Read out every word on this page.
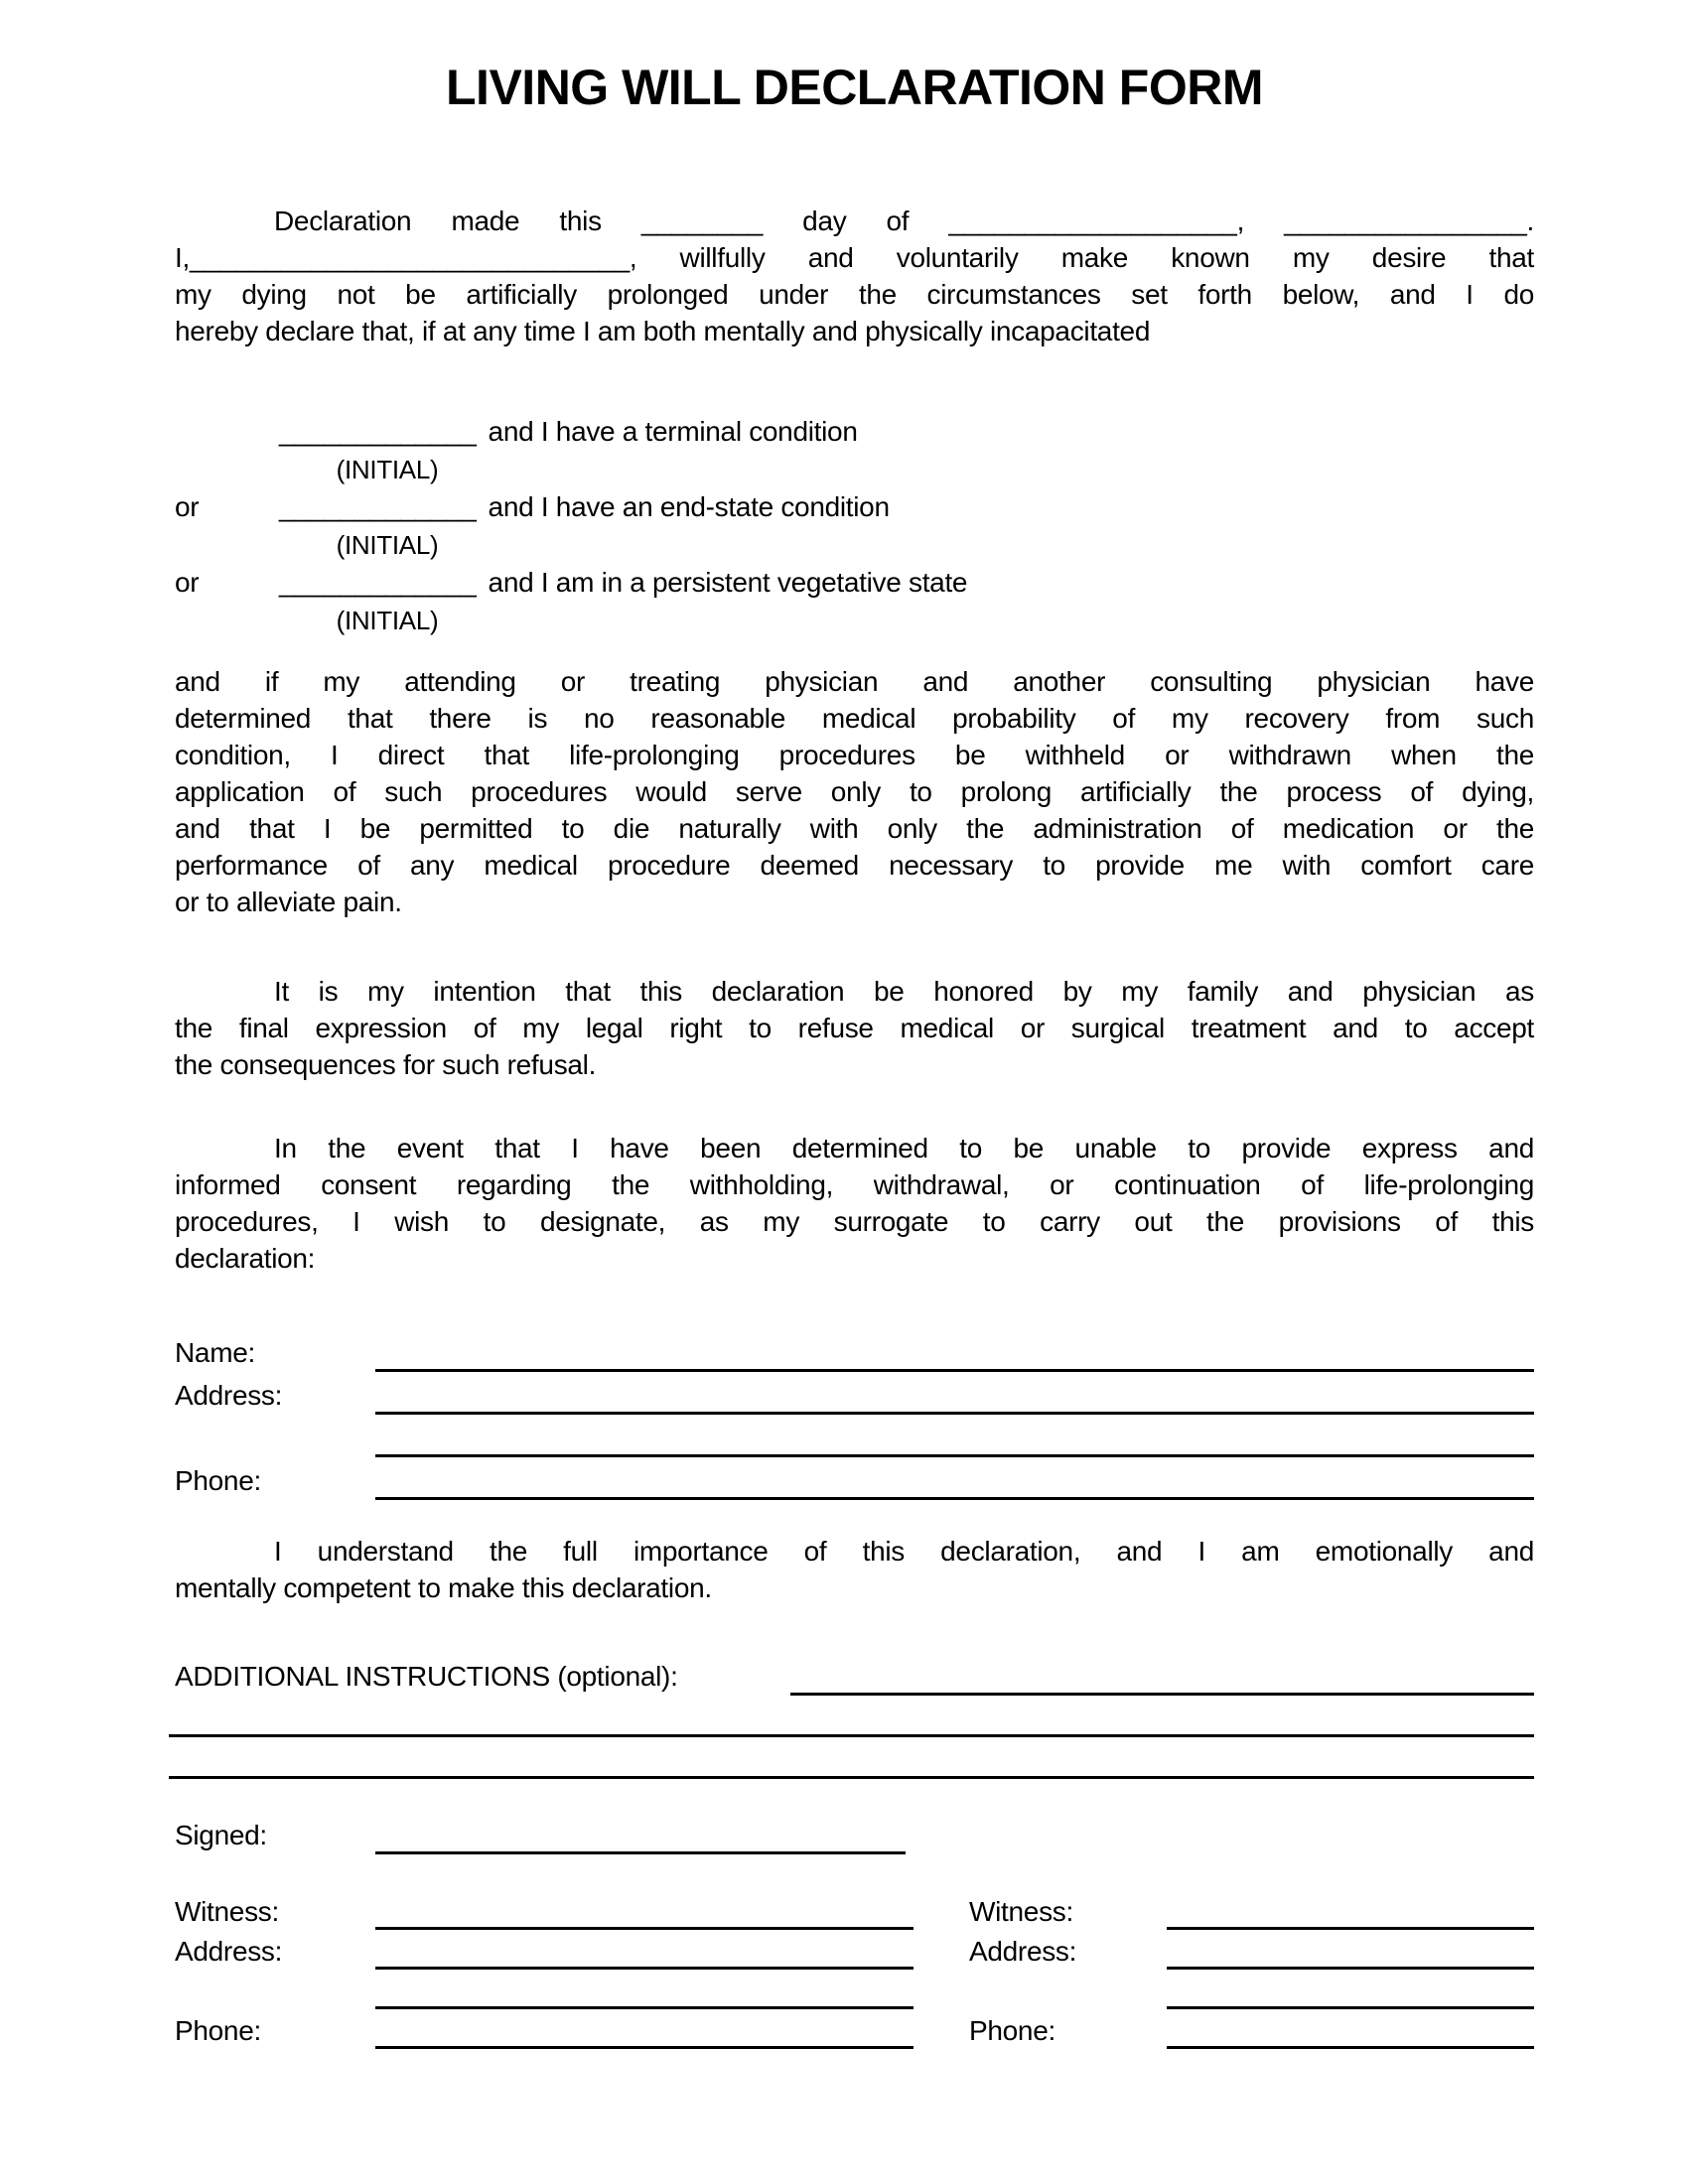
LIVING WILL DECLARATION FORM
Declaration made this ________ day of ___________________, ________________.
I,_____________________________, willfully and voluntarily make known my desire that
my dying not be artificially prolonged under the circumstances set forth below, and I do
hereby declare that, if at any time I am both mentally and physically incapacitated
_____________ and I have a terminal condition
(INITIAL)
or	_____________ and I have an end-state condition
(INITIAL)
or	_____________ and I am in a persistent vegetative state
(INITIAL)
and if my attending or treating physician and another consulting physician have
determined that there is no reasonable medical probability of my recovery from such
condition, I direct that life-prolonging procedures be withheld or withdrawn when the
application of such procedures would serve only to prolong artificially the process of dying,
and that I be permitted to die naturally with only the administration of medication or the
performance of any medical procedure deemed necessary to provide me with comfort care
or to alleviate pain.
It is my intention that this declaration be honored by my family and physician as
the final expression of my legal right to refuse medical or surgical treatment and to accept
the consequences for such refusal.
In the event that I have been determined to be unable to provide express and
informed consent regarding the withholding, withdrawal, or continuation of life-prolonging
procedures, I wish to designate, as my surrogate to carry out the provisions of this
declaration:
Name:
Address:
Phone:
I understand the full importance of this declaration, and I am emotionally and
mentally competent to make this declaration.
ADDITIONAL INSTRUCTIONS (optional):
Signed:
Witness:	Witness:
Address:	Address:
Phone:	Phone:
